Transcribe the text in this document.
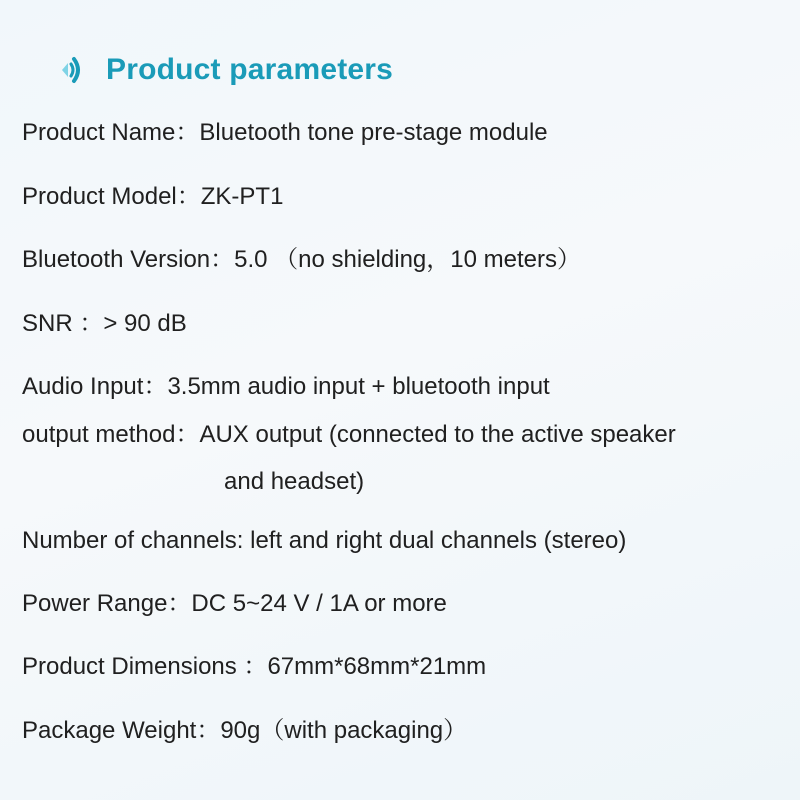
Product parameters
Product Name：Bluetooth tone pre-stage module
Product Model：ZK-PT1
Bluetooth Version：5.0 （no shielding，10 meters）
SNR ：> 90 dB
Audio Input：3.5mm audio input + bluetooth input
output method：AUX output (connected to the active speaker
and headset)
Number of channels: left and right dual channels (stereo)
Power Range：DC 5~24 V / 1A or more
Product Dimensions ：67mm*68mm*21mm
Package Weight：90g（with packaging）
